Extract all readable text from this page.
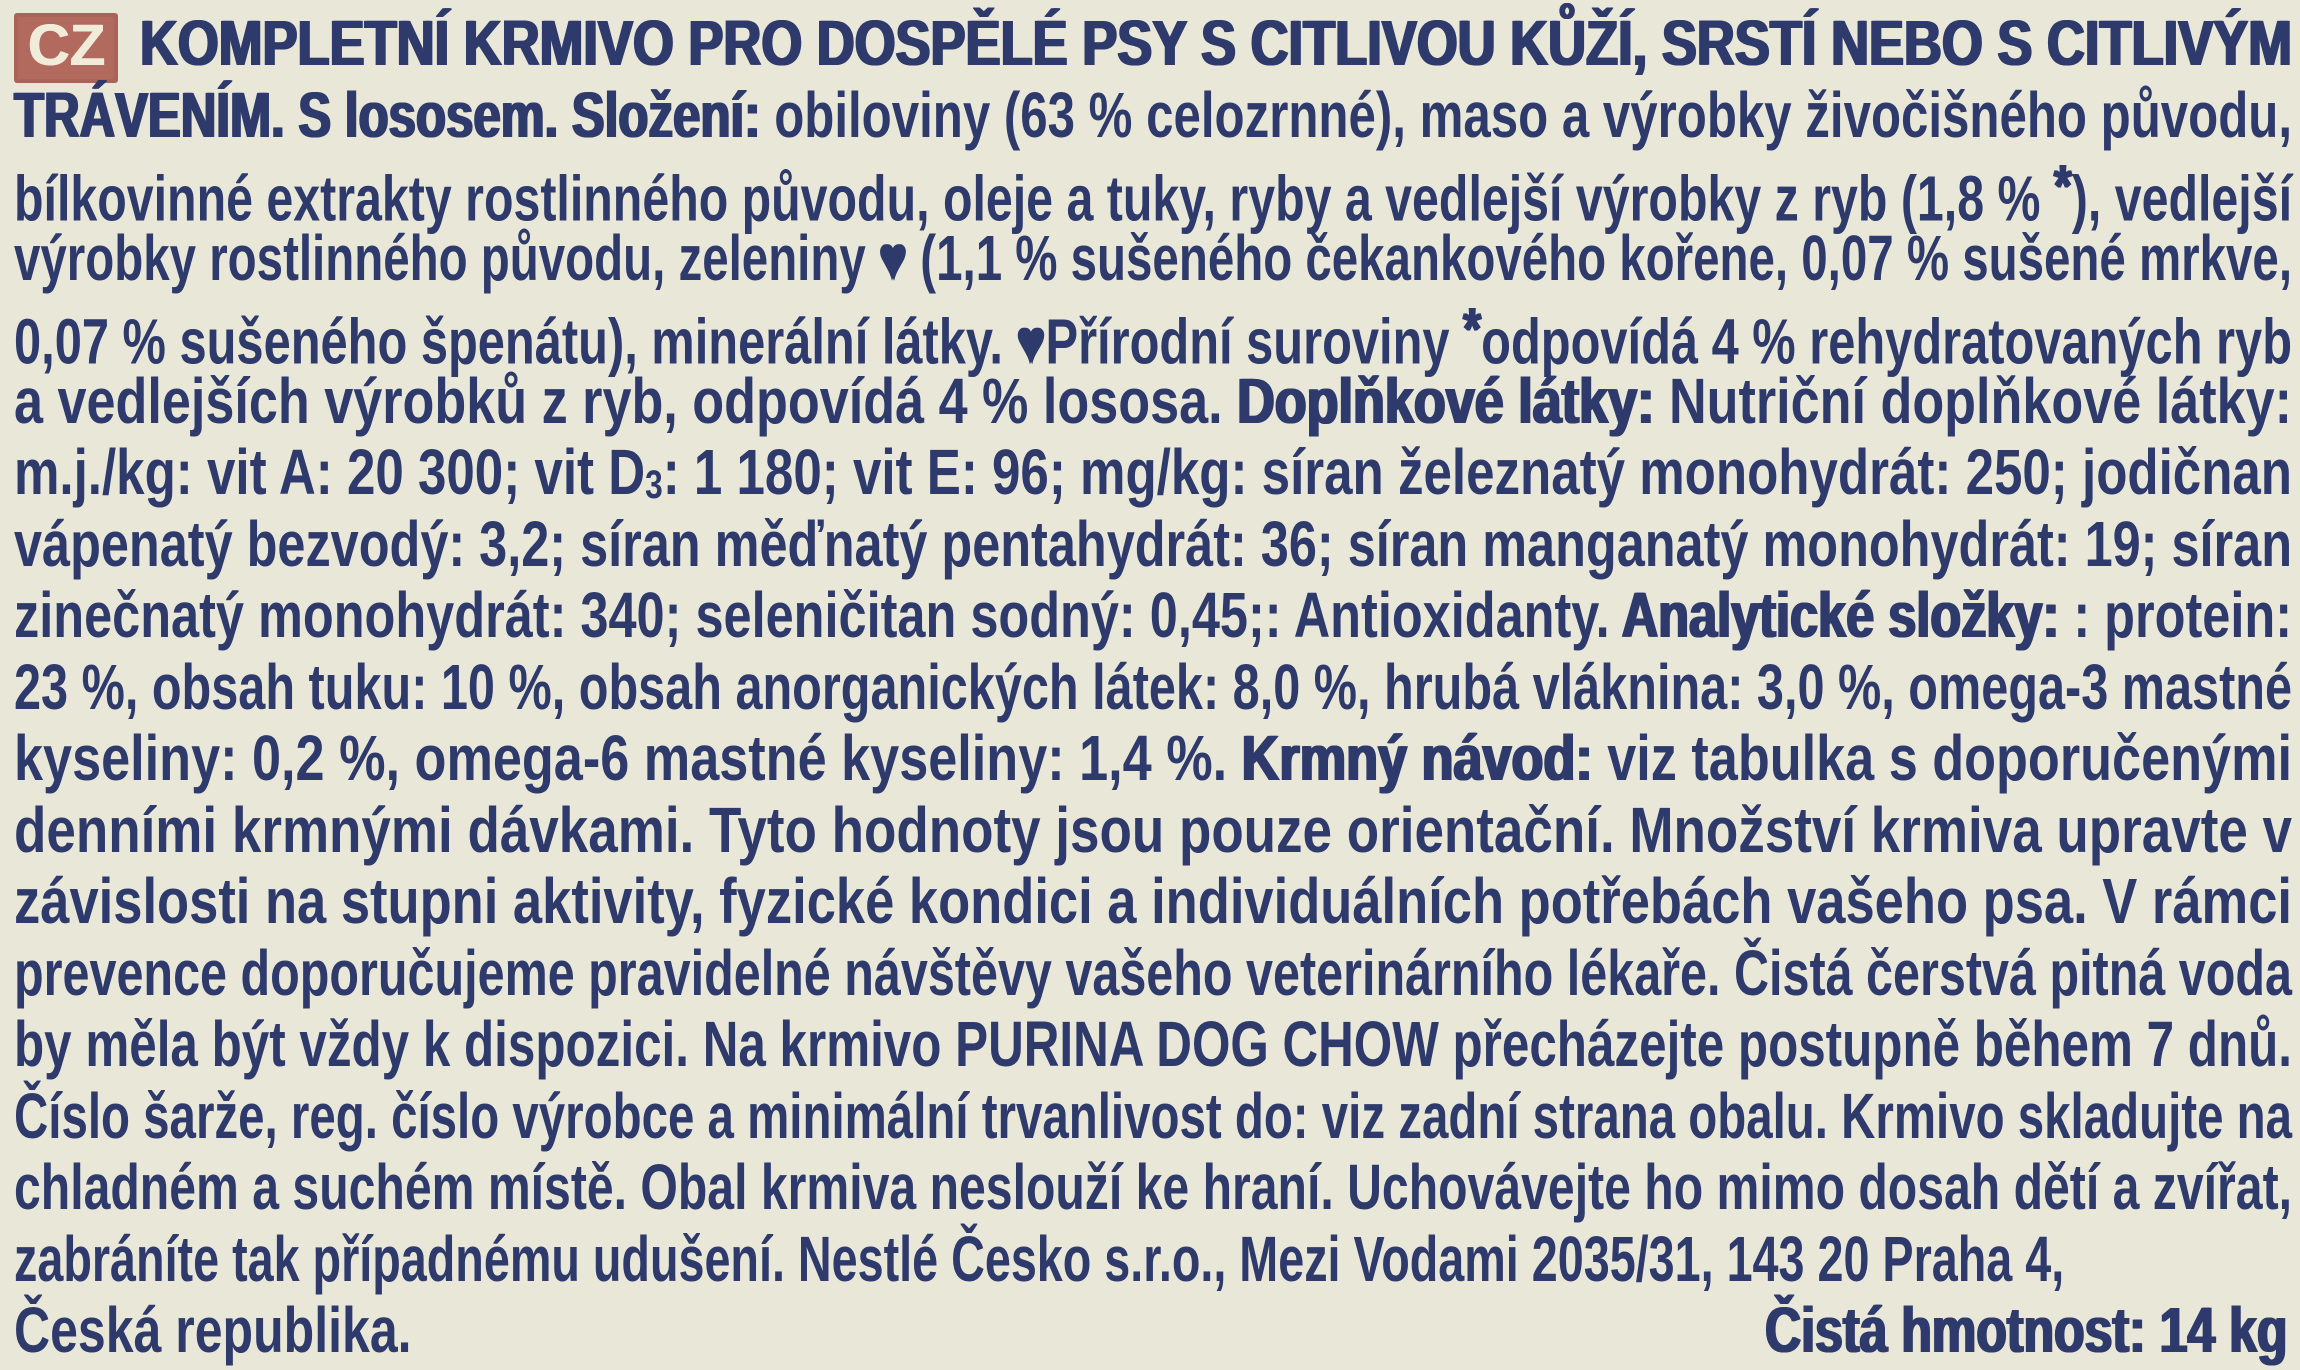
CZ KOMPLETNÍ KRMIVO PRO DOSPĚLÉ PSY S CITLIVOU KŮŽÍ, SRSTÍ NEBO S CITLIVÝM
TRÁVENÍM. S lososem. Složení: obiloviny (63 % celozrnné), maso a výrobky živočišného původu,
bílkovinné extrakty rostlinného původu, oleje a tuky, ryby a vedlejší výrobky z ryb (1,8 % *), vedlejší
výrobky rostlinného původu, zeleniny ♥ (1,1 % sušeného čekankového kořene, 0,07 % sušené mrkve,
0,07 % sušeného špenátu), minerální látky. ♥Přírodní suroviny *odpovídá 4 % rehydratovaných ryb
a vedlejších výrobků z ryb, odpovídá 4 % lososa. Doplňkové látky: Nutriční doplňkové látky:
m.j./kg: vit A: 20 300; vit D3: 1 180; vit E: 96; mg/kg: síran železnatý monohydrát: 250; jodičnan
vápenatý bezvodý: 3,2; síran měďnatý pentahydrát: 36; síran manganatý monohydrát: 19; síran
zinečnatý monohydrát: 340; seleničitan sodný: 0,45;: Antioxidanty. Analytické složky: : protein:
23 %, obsah tuku: 10 %, obsah anorganických látek: 8,0 %, hrubá vláknina: 3,0 %, omega-3 mastné
kyseliny: 0,2 %, omega-6 mastné kyseliny: 1,4 %. Krmný návod: viz tabulka s doporučenými
denními krmnými dávkami. Tyto hodnoty jsou pouze orientační. Množství krmiva upravte v
závislosti na stupni aktivity, fyzické kondici a individuálních potřebách vašeho psa. V rámci
prevence doporučujeme pravidelné návštěvy vašeho veterinárního lékaře. Čistá čerstvá pitná voda
by měla být vždy k dispozici. Na krmivo PURINA DOG CHOW přecházejte postupně během 7 dnů.
Číslo šarže, reg. číslo výrobce a minimální trvanlivost do: viz zadní strana obalu. Krmivo skladujte na
chladném a suchém místě. Obal krmiva neslouží ke hraní. Uchovávejte ho mimo dosah dětí a zvířat,
zabráníte tak případnému udušení. Nestlé Česko s.r.o., Mezi Vodami 2035/31, 143 20 Praha 4,
Česká republika.	Čistá hmotnost: 14 kg
